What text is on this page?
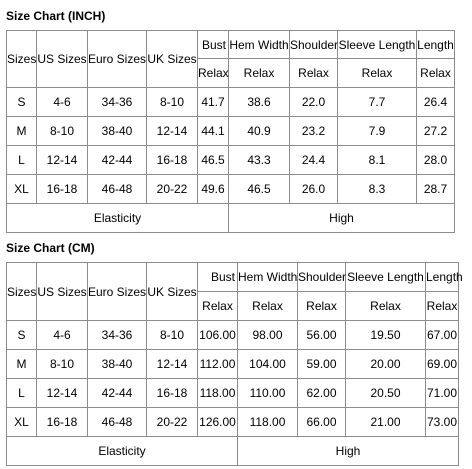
Size Chart (INCH)
Sizes	US Sizes	Euro Sizes	UK Sizes	Bust	Hem Width	Shoulder	Sleeve Length	Length
				Relax	Relax	Relax	Relax	Relax
S	4-6	34-36	8-10	41.7	38.6	22.0	7.7	26.4
M	8-10	38-40	12-14	44.1	40.9	23.2	7.9	27.2
L	12-14	42-44	16-18	46.5	43.3	24.4	8.1	28.0
XL	16-18	46-48	20-22	49.6	46.5	26.0	8.3	28.7
Elasticity					High			
Size Chart (CM)
Sizes	US Sizes	Euro Sizes	UK Sizes	Bust	Hem Width	Shoulder	Sleeve Length	Length
				Relax	Relax	Relax	Relax	Relax
S	4-6	34-36	8-10	106.00	98.00	56.00	19.50	67.00
M	8-10	38-40	12-14	112.00	104.00	59.00	20.00	69.00
L	12-14	42-44	16-18	118.00	110.00	62.00	20.50	71.00
XL	16-18	46-48	20-22	126.00	118.00	66.00	21.00	73.00
Elasticity					High			
